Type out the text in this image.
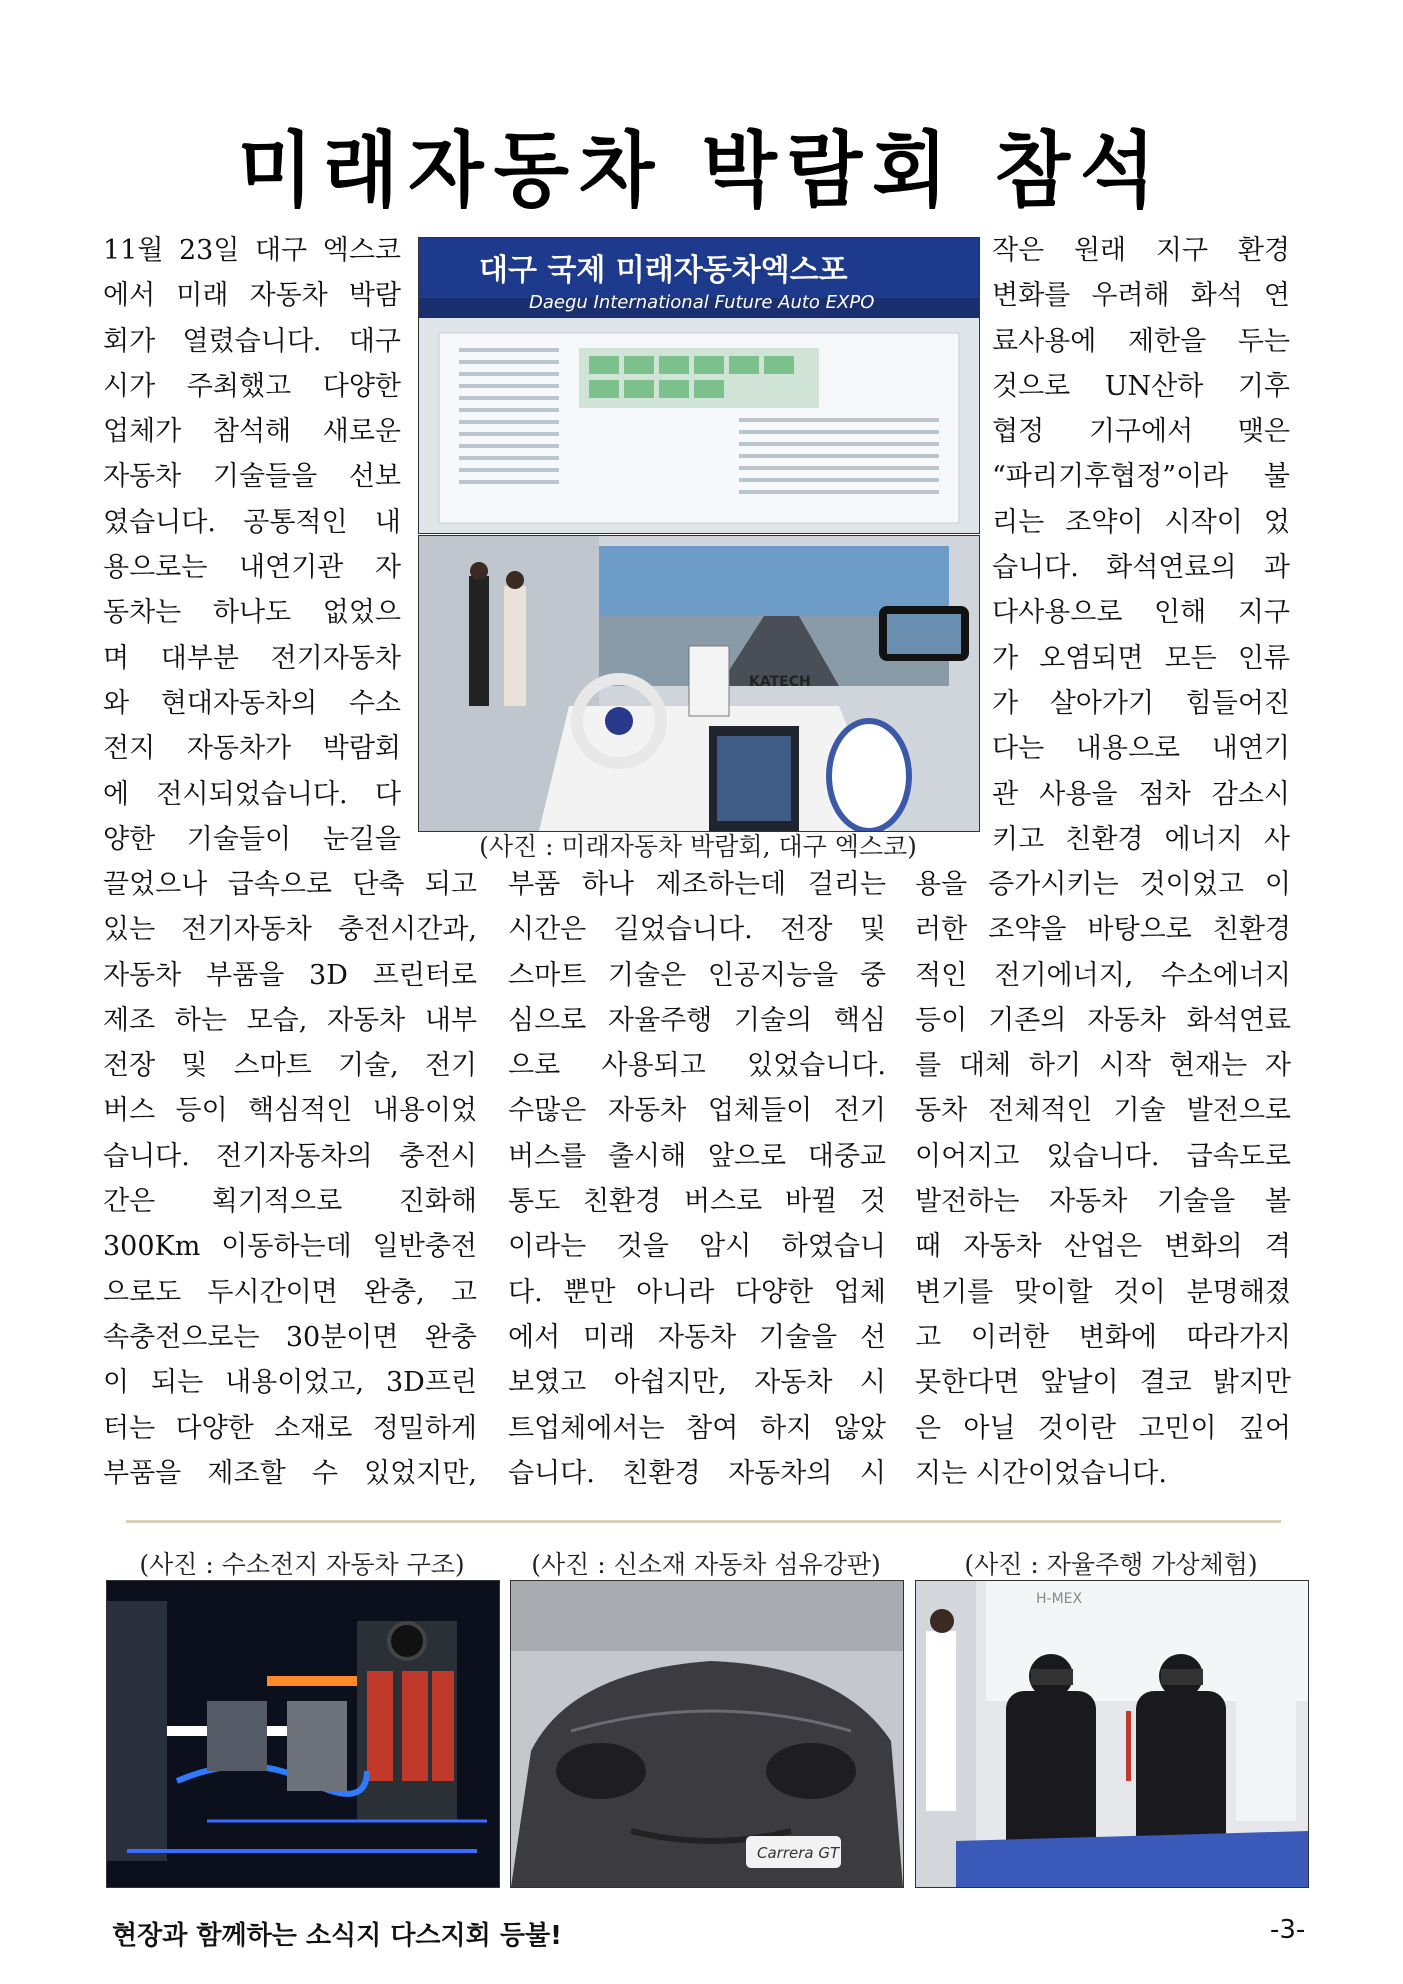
미래자동차 박람회 참석
11월 23일 대구 엑스코
에서 미래 자동차 박람
회가 열렸습니다. 대구
시가 주최했고 다양한
업체가 참석해 새로운
자동차 기술들을 선보
였습니다. 공통적인 내
용으로는 내연기관 자
동차는 하나도 없었으
며 대부분 전기자동차
와 현대자동차의 수소
전지 자동차가 박람회
에 전시되었습니다. 다
양한 기술들이 눈길을
작은 원래 지구 환경
변화를 우려해 화석 연
료사용에 제한을 두는
것으로 UN산하 기후
협정 기구에서 맺은
“파리기후협정”이라 불
리는 조약이 시작이 었
습니다. 화석연료의 과
다사용으로 인해 지구
가 오염되면 모든 인류
가 살아가기 힘들어진
다는 내용으로 내연기
관 사용을 점차 감소시
키고 친환경 에너지 사
대구 국제 미래자동차엑스포
Daegu International Future Auto EXPO
KATECH
(사진 : 미래자동차 박람회, 대구 엑스코)
끌었으나 급속으로 단축 되고
있는 전기자동차 충전시간과,
자동차 부품을 3D 프린터로
제조 하는 모습, 자동차 내부
전장 및 스마트 기술, 전기
버스 등이 핵심적인 내용이었
습니다. 전기자동차의 충전시
간은 획기적으로 진화해
300Km 이동하는데 일반충전
으로도 두시간이면 완충, 고
속충전으로는 30분이면 완충
이 되는 내용이었고, 3D프린
터는 다양한 소재로 정밀하게
부품을 제조할 수 있었지만,
부품 하나 제조하는데 걸리는
시간은 길었습니다. 전장 및
스마트 기술은 인공지능을 중
심으로 자율주행 기술의 핵심
으로 사용되고 있었습니다.
수많은 자동차 업체들이 전기
버스를 출시해 앞으로 대중교
통도 친환경 버스로 바뀔 것
이라는 것을 암시 하였습니
다. 뿐만 아니라 다양한 업체
에서 미래 자동차 기술을 선
보였고 아쉽지만, 자동차 시
트업체에서는 참여 하지 않았
습니다. 친환경 자동차의 시
용을 증가시키는 것이었고 이
러한 조약을 바탕으로 친환경
적인 전기에너지, 수소에너지
등이 기존의 자동차 화석연료
를 대체 하기 시작 현재는 자
동차 전체적인 기술 발전으로
이어지고 있습니다. 급속도로
발전하는 자동차 기술을 볼
때 자동차 산업은 변화의 격
변기를 맞이할 것이 분명해졌
고 이러한 변화에 따라가지
못한다면 앞날이 결코 밝지만
은 아닐 것이란 고민이 깊어
지는 시간이었습니다.
(사진 : 수소전지 자동차 구조)	(사진 : 신소재 자동차 섬유강판)	(사진 : 자율주행 가상체험)
Carrera GT
H-MEX
현장과 함께하는 소식지 다스지회 등불!	-3-
